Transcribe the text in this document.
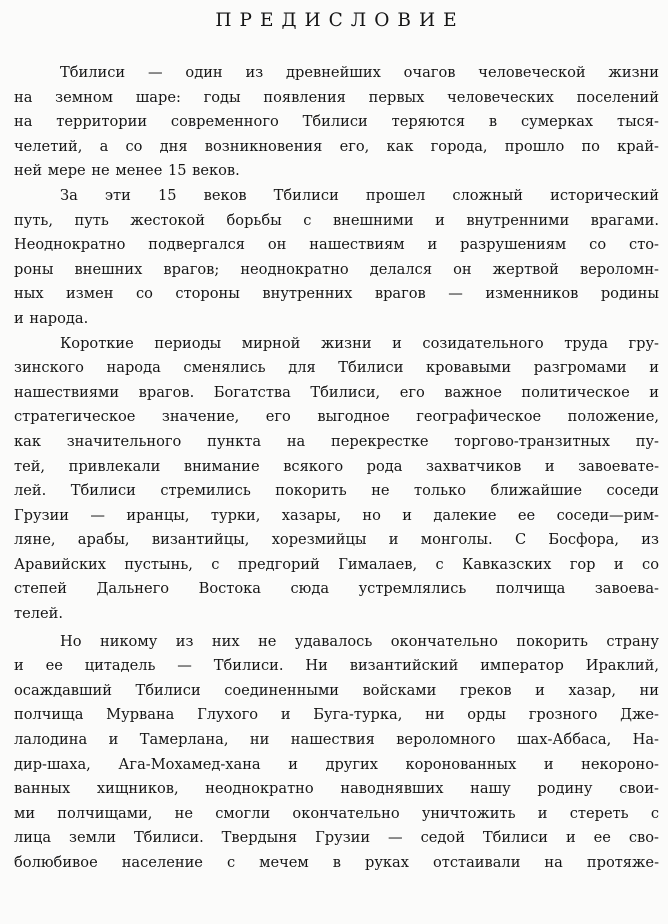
ПРЕДИСЛОВИЕ
Тбилиси — один из древнейших очагов человеческой жизни
на земном шаре: годы появления первых человеческих поселений
на территории современного Тбилиси теряются в сумерках тыся-
челетий, а со дня возникновения его, как города, прошло по край-
ней мере не менее 15 веков.
За эти 15 веков Тбилиси прошел сложный исторический
путь, путь жестокой борьбы с внешними и внутренними врагами.
Неоднократно подвергался он нашествиям и разрушениям со сто-
роны внешних врагов; неоднократно делался он жертвой вероломн-
ных измен со стороны внутренних врагов — изменников родины
и народа.
Короткие периоды мирной жизни и созидательного труда гру-
зинского народа сменялись для Тбилиси кровавыми разгромами и
нашествиями врагов. Богатства Тбилиси, его важное политическое и
стратегическое значение, его выгодное географическое положение,
как значительного пункта на перекрестке торгово-транзитных пу-
тей, привлекали внимание всякого рода захватчиков и завоевате-
лей. Тбилиси стремились покорить не только ближайшие соседи
Грузии — иранцы, турки, хазары, но и далекие ее соседи—рим-
ляне, арабы, византийцы, хорезмийцы и монголы. С Босфора, из
Аравийских пустынь, с предгорий Гималаев, с Кавказских гор и со
степей Дальнего Востока сюда устремлялись полчища завоева-
телей.
Но никому из них не удавалось окончательно покорить страну
и ее цитадель — Тбилиси. Ни византийский император Ираклий,
осаждавший Тбилиси соединенными войсками греков и хазар, ни
полчища Мурвана Глухого и Буга-турка, ни орды грозного Дже-
лалодина и Тамерлана, ни нашествия вероломного шах-Аббаса, На-
дир-шаха, Ага-Мохамед-хана и других коронованных и некоронo-
ванных хищников, неоднократно наводнявших нашу родину свои-
ми полчищами, не смогли окончательно уничтожить и стереть с
лица земли Тбилиси. Твердыня Грузии — седой Тбилиси и ее сво-
болюбивое население с мечем в руках отстаивали на протяже-
